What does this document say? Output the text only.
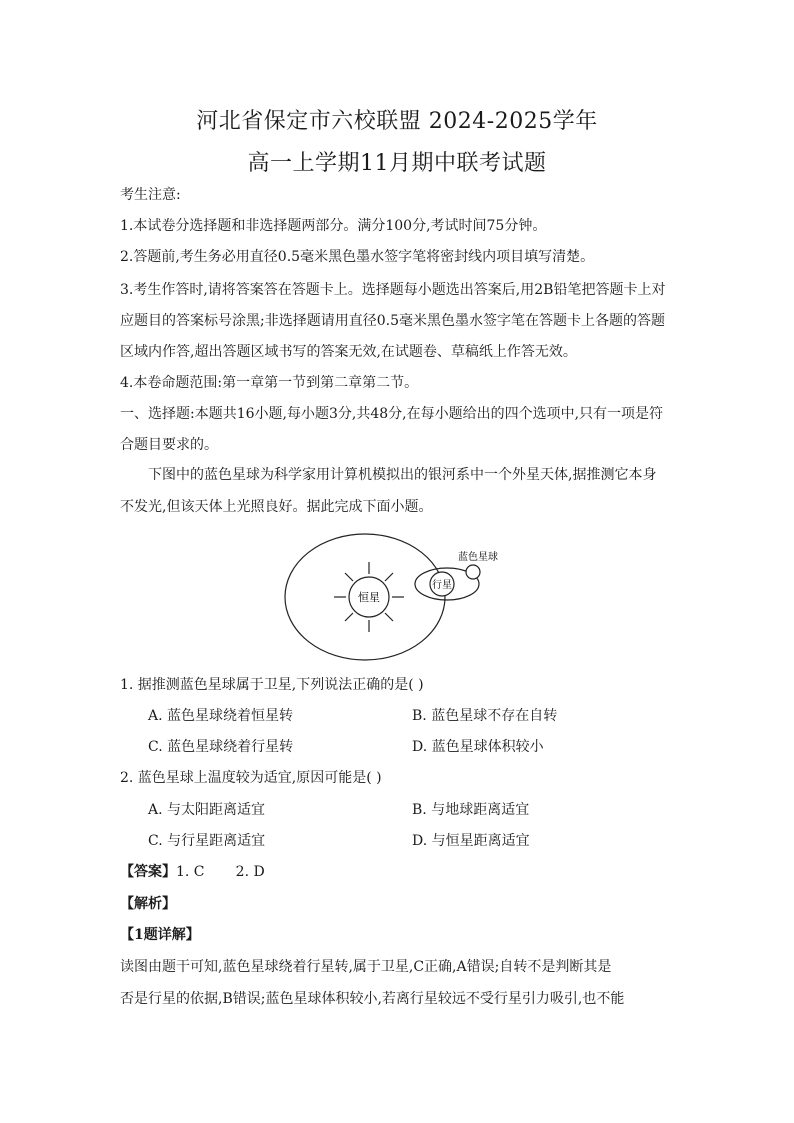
河北省保定市六校联盟 2024-2025学年
高一上学期11月期中联考试题
考生注意:
1.本试卷分选择题和非选择题两部分。满分100分,考试时间75分钟。
2.答题前,考生务必用直径0.5毫米黑色墨水签字笔将密封线内项目填写清楚。
3.考生作答时,请将答案答在答题卡上。选择题每小题选出答案后,用2B铅笔把答题卡上对
应题目的答案标号涂黑;非选择题请用直径0.5毫米黑色墨水签字笔在答题卡上各题的答题
区域内作答,超出答题区域书写的答案无效,在试题卷、草稿纸上作答无效。
4.本卷命题范围:第一章第一节到第二章第二节。
一、选择题:本题共16小题,每小题3分,共48分,在每小题给出的四个选项中,只有一项是符
合题目要求的。
下图中的蓝色星球为科学家用计算机模拟出的银河系中一个外星天体,据推测它本身
不发光,但该天体上光照良好。据此完成下面小题。
恒星
行星
蓝色星球
1. 据推测蓝色星球属于卫星,下列说法正确的是( )
A. 蓝色星球绕着恒星转	B. 蓝色星球不存在自转
C. 蓝色星球绕着行星转	D. 蓝色星球体积较小
2. 蓝色星球上温度较为适宜,原因可能是( )
A. 与太阳距离适宜	B. 与地球距离适宜
C. 与行星距离适宜	D. 与恒星距离适宜
【答案】1. C       2. D
【解析】
【1题详解】
读图由题干可知,蓝色星球绕着行星转,属于卫星,C正确,A错误;自转不是判断其是
否是行星的依据,B错误;蓝色星球体积较小,若离行星较远不受行星引力吸引,也不能
